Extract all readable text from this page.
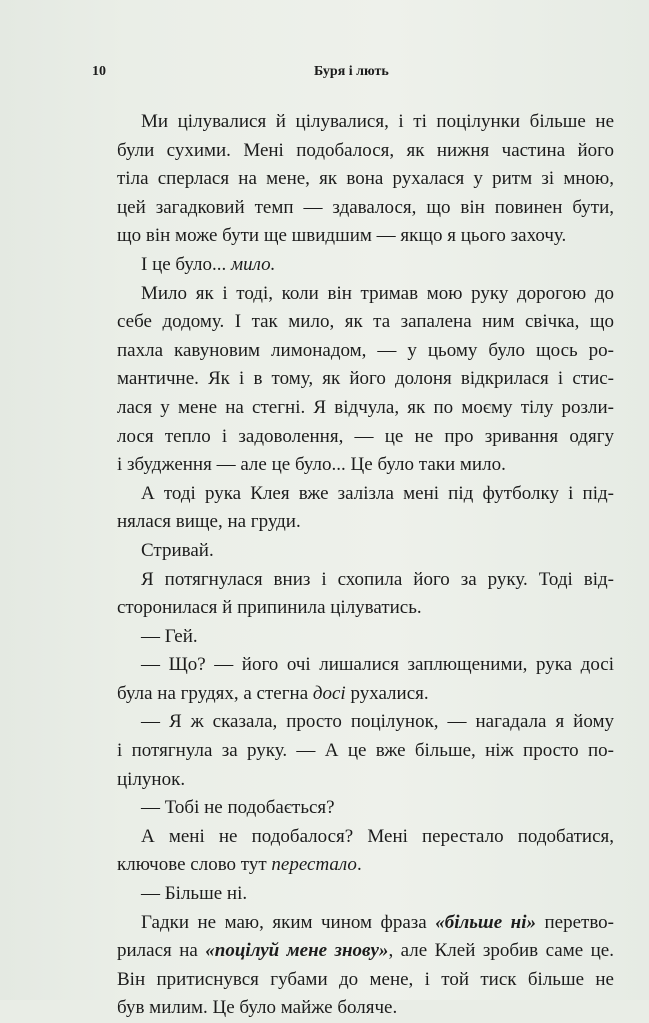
10	Буря і лють
Ми цілувалися й цілувалися, і ті поцілунки більше не
були сухими. Мені подобалося, як нижня частина його
тіла сперлася на мене, як вона рухалася у ритм зі мною,
цей загадковий темп — здавалося, що він повинен бути,
що він може бути ще швидшим — якщо я цього захочу.
І це було... мило.
Мило як і тоді, коли він тримав мою руку дорогою до
себе додому. І так мило, як та запалена ним свічка, що
пахла кавуновим лимонадом, — у цьому було щось ро-
мантичне. Як і в тому, як його долоня відкрилася і стис-
лася у мене на стегні. Я відчула, як по моєму тілу розли-
лося тепло і задоволення, — це не про зривання одягу
і збудження — але це було... Це було таки мило.
А тоді рука Клея вже залізла мені під футболку і під-
нялася вище, на груди.
Стривай.
Я потягнулася вниз і схопила його за руку. Тоді від-
сторонилася й припинила цілуватись.
— Гей.
— Що? — його очі лишалися заплющеними, рука досі
була на грудях, а стегна досі рухалися.
— Я ж сказала, просто поцілунок, — нагадала я йому
і потягнула за руку. — А це вже більше, ніж просто по-
цілунок.
— Тобі не подобається?
А мені не подобалося? Мені перестало подобатися,
ключове слово тут перестало.
— Більше ні.
Гадки не маю, яким чином фраза «більше ні» перетво-
рилася на «поцілуй мене знову», але Клей зробив саме це.
Він притиснувся губами до мене, і той тиск більше не
був милим. Це було майже боляче.
